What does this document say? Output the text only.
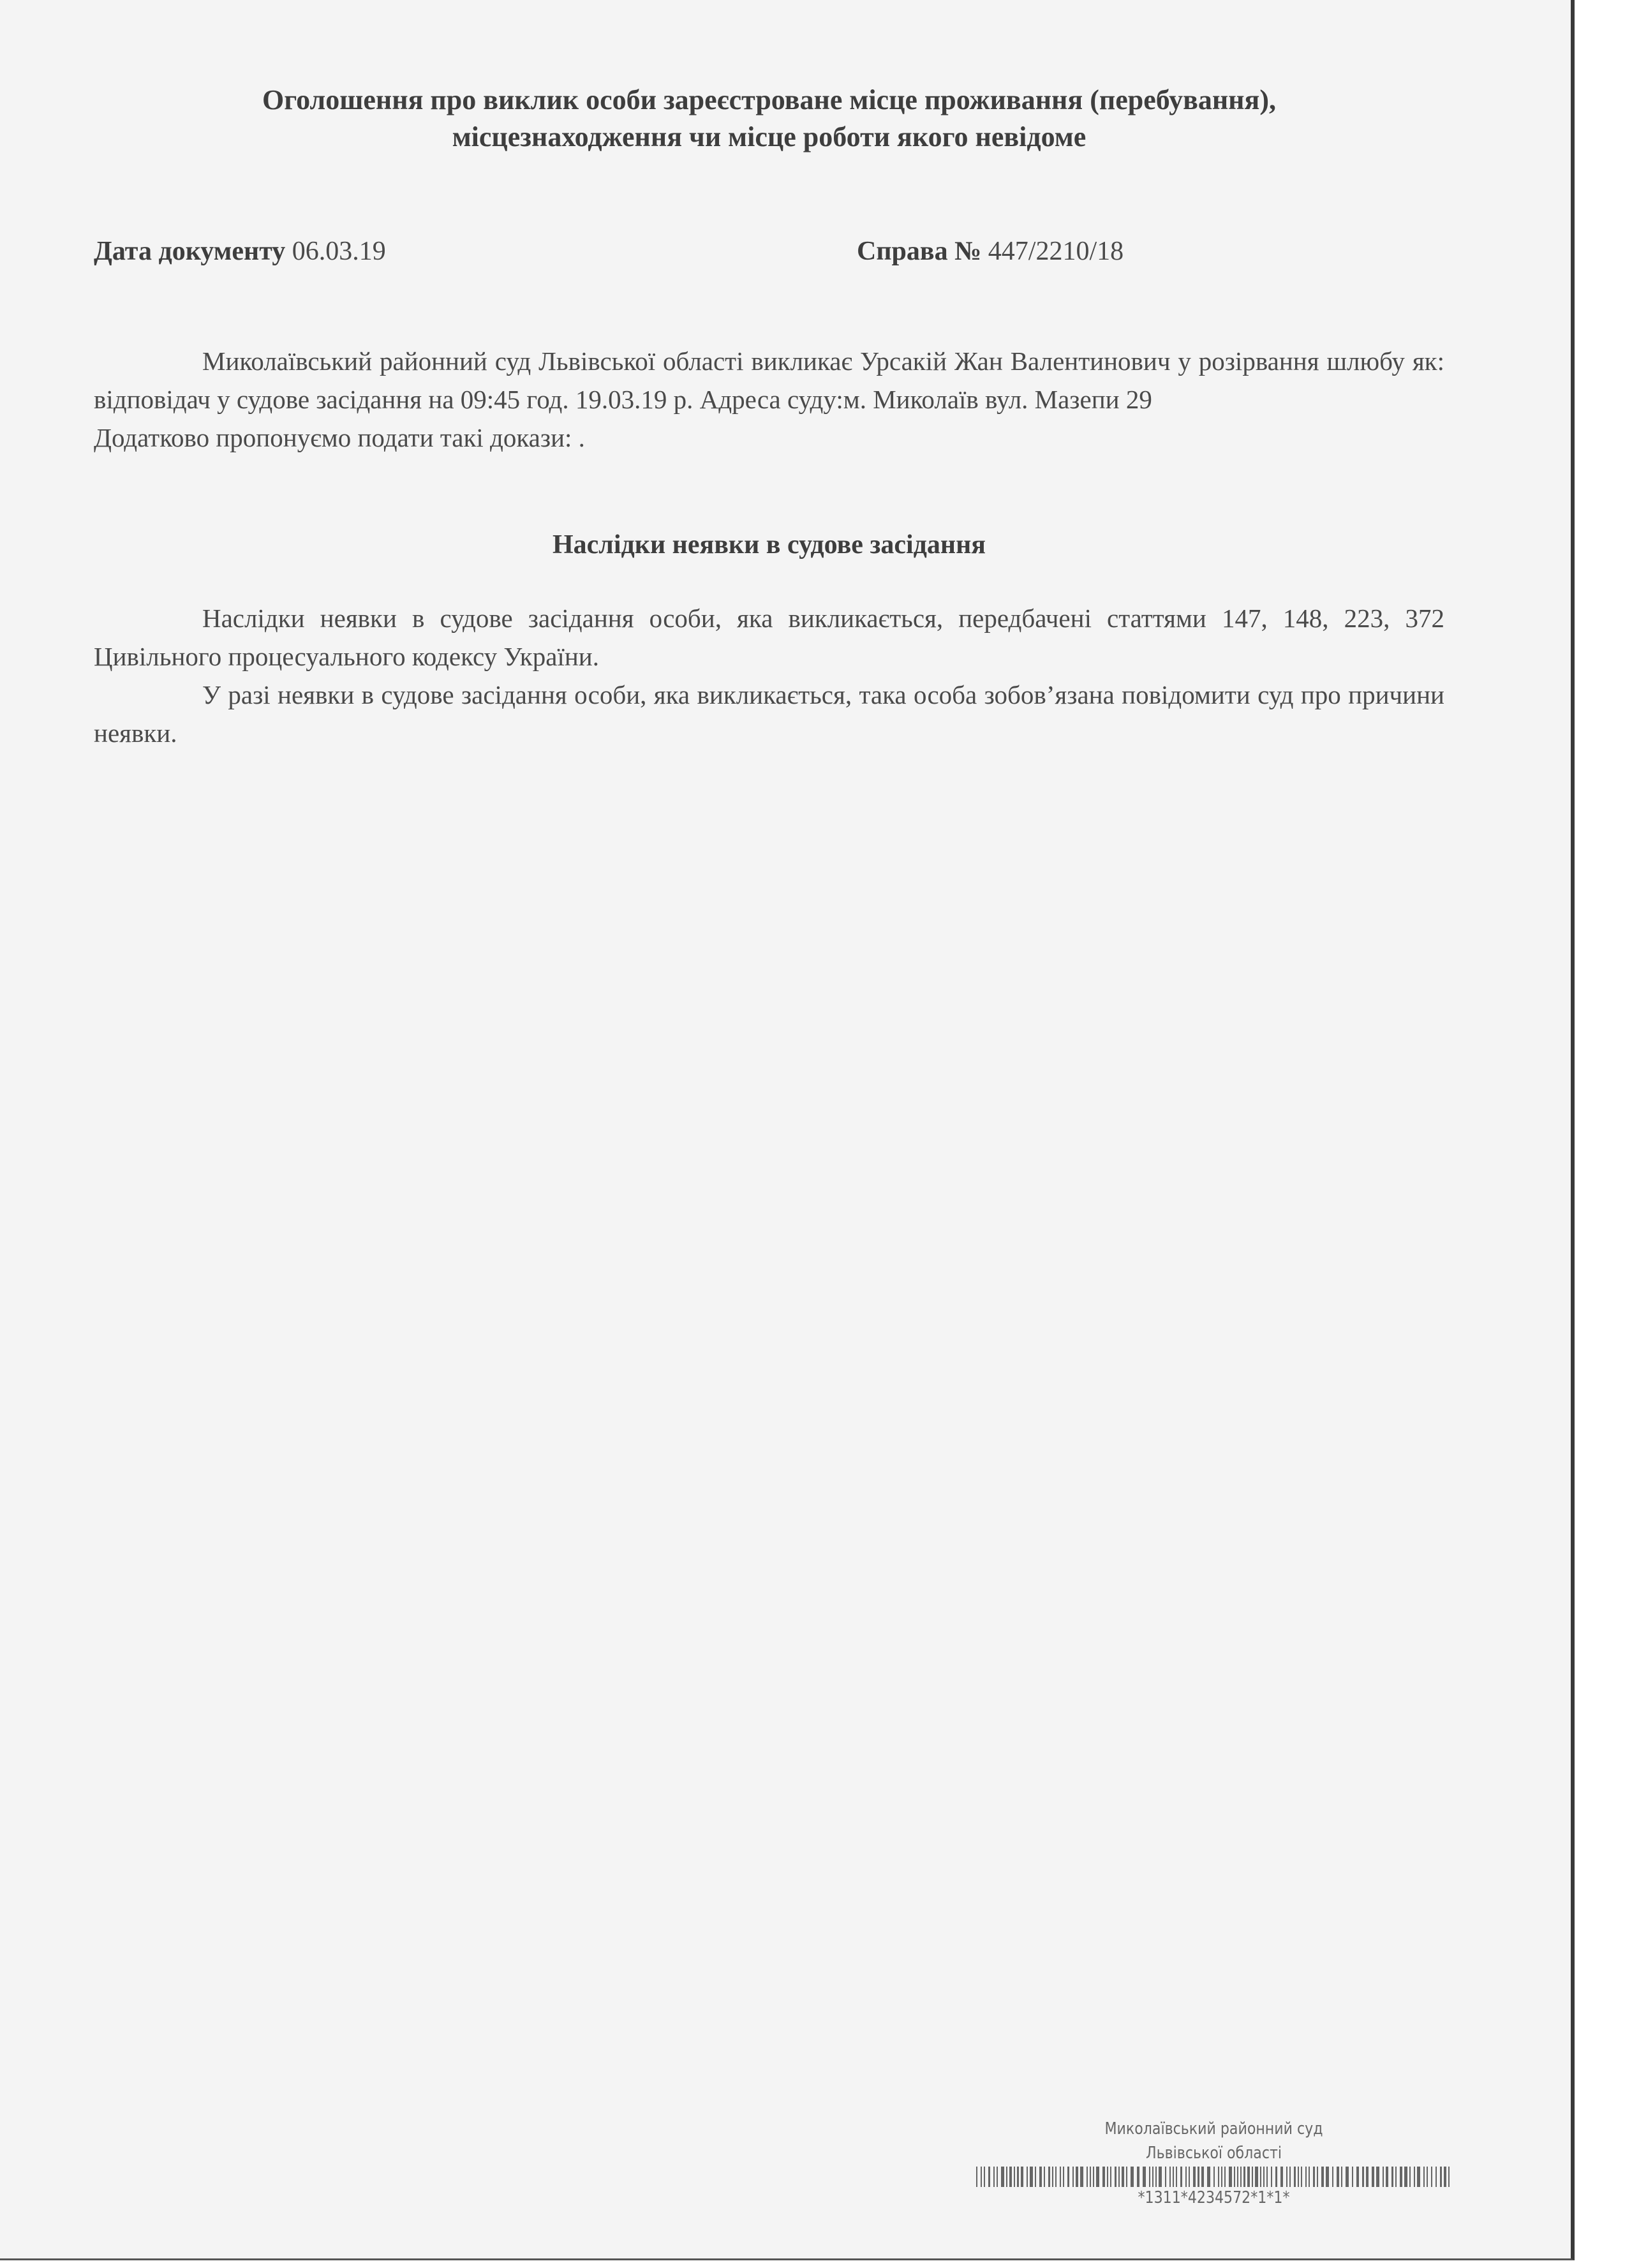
Оголошення про виклик особи зареєстроване місце проживання (перебування),
місцезнаходження чи місце роботи якого невідоме
Дата документу 06.03.19	Справа № 447/2210/18

Миколаївський районний суд Львівської області викликає Урсакій Жан Валентинович у розірвання шлюбу як: відповідач у судове засідання на 09:45 год. 19.03.19 р. Адреса суду:м. Миколаїв вул. Мазепи 29

Додатково пропонуємо подати такі докази: .

Наслідки неявки в судове засідання

Наслідки неявки в судове засідання особи, яка викликається, передбачені статтями 147, 148, 223, 372 Цивільного процесуального кодексу України.

У разі неявки в судове засідання особи, яка викликається, така особа зобов’язана повідомити суд про причини неявки.

Миколаївський районний суд
Львівської області
*1311*4234572*1*1*
